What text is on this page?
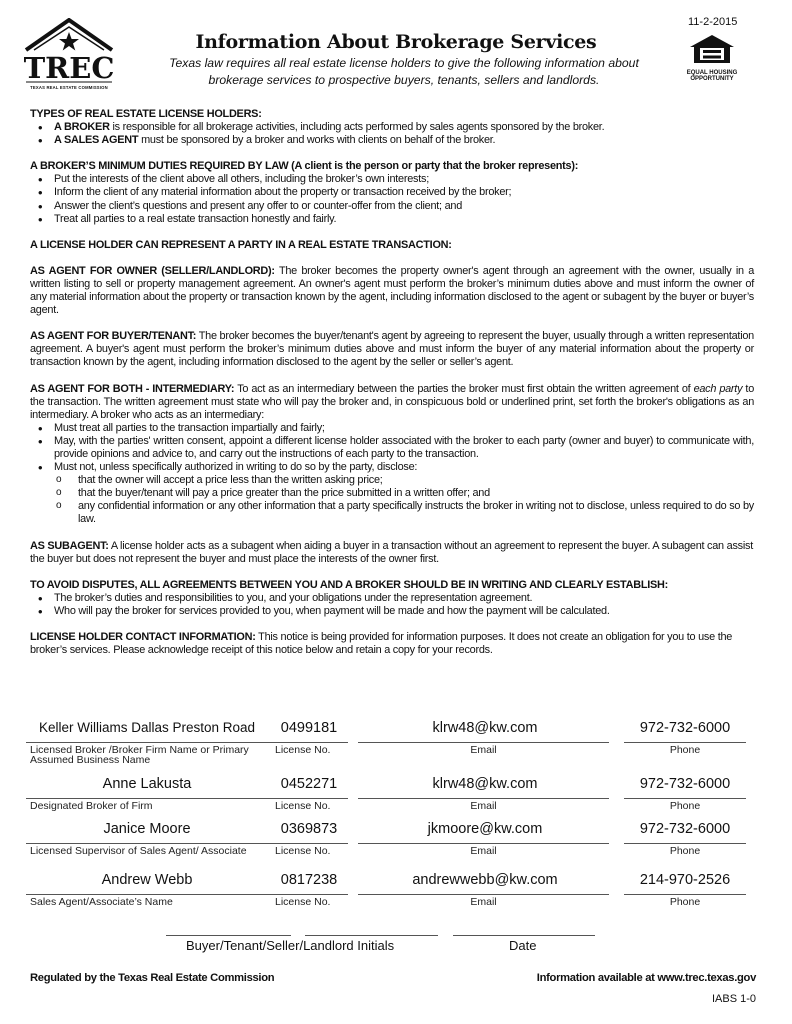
TREC
TEXAS REAL ESTATE COMMISSION
Information About Brokerage Services
Texas law requires all real estate license holders to give the following information about
brokerage services to prospective buyers, tenants, sellers and landlords.
11-2-2015
EQUAL HOUSING
OPPORTUNITY

TYPES OF REAL ESTATE LICENSE HOLDERS:

• A BROKER is responsible for all brokerage activities, including acts performed by sales agents sponsored by the broker.
• A SALES AGENT must be sponsored by a broker and works with clients on behalf of the broker.

A BROKER’S MINIMUM DUTIES REQUIRED BY LAW (A client is the person or party that the broker represents):

• Put the interests of the client above all others, including the broker’s own interests;
• Inform the client of any material information about the property or transaction received by the broker;
• Answer the client’s questions and present any offer to or counter-offer from the client; and
• Treat all parties to a real estate transaction honestly and fairly.

A LICENSE HOLDER CAN REPRESENT A PARTY IN A REAL ESTATE TRANSACTION:

AS AGENT FOR OWNER (SELLER/LANDLORD): The broker becomes the property owner's agent through an agreement with the owner, usually in a written listing to sell or property management agreement. An owner's agent must perform the broker’s minimum duties above and must inform the owner of any material information about the property or transaction known by the agent, including information disclosed to the agent or subagent by the buyer or buyer’s agent.

AS AGENT FOR BUYER/TENANT: The broker becomes the buyer/tenant's agent by agreeing to represent the buyer, usually through a written representation agreement. A buyer's agent must perform the broker’s minimum duties above and must inform the buyer of any material information about the property or transaction known by the agent, including information disclosed to the agent by the seller or seller’s agent.

AS AGENT FOR BOTH - INTERMEDIARY: To act as an intermediary between the parties the broker must first obtain the written agreement of each party to the transaction. The written agreement must state who will pay the broker and, in conspicuous bold or underlined print, set forth the broker's obligations as an intermediary. A broker who acts as an intermediary:

• Must treat all parties to the transaction impartially and fairly;
• May, with the parties' written consent, appoint a different license holder associated with the broker to each party (owner and buyer) to communicate with, provide opinions and advice to, and carry out the instructions of each party to the transaction.
• Must not, unless specifically authorized in writing to do so by the party, disclose:
o that the owner will accept a price less than the written asking price;
o that the buyer/tenant will pay a price greater than the price submitted in a written offer; and
o any confidential information or any other information that a party specifically instructs the broker in writing not to disclose, unless required to do so by law.

AS SUBAGENT: A license holder acts as a subagent when aiding a buyer in a transaction without an agreement to represent the buyer. A subagent can assist the buyer but does not represent the buyer and must place the interests of the owner first.

TO AVOID DISPUTES, ALL AGREEMENTS BETWEEN YOU AND A BROKER SHOULD BE IN WRITING AND CLEARLY ESTABLISH:

• The broker’s duties and responsibilities to you, and your obligations under the representation agreement.
• Who will pay the broker for services provided to you, when payment will be made and how the payment will be calculated.

LICENSE HOLDER CONTACT INFORMATION: This notice is being provided for information purposes. It does not create an obligation for you to use the broker’s services. Please acknowledge receipt of this notice below and retain a copy for your records.

Keller Williams Dallas Preston Road
Licensed Broker /Broker Firm Name or Primary Assumed Business Name
0499181
License No.
klrw48@kw.com
Email
972-732-6000
Phone
Anne Lakusta
Designated Broker of Firm
0452271
License No.
klrw48@kw.com
Email
972-732-6000
Phone
Janice Moore
Licensed Supervisor of Sales Agent/ Associate
0369873
License No.
jkmoore@kw.com
Email
972-732-6000
Phone
Andrew Webb
Sales Agent/Associate’s Name
0817238
License No.
andrewwebb@kw.com
Email
214-970-2526
Phone
Buyer/Tenant/Seller/Landlord Initials	Date
Regulated by the Texas Real Estate Commission	Information available at www.trec.texas.gov
IABS 1-0
